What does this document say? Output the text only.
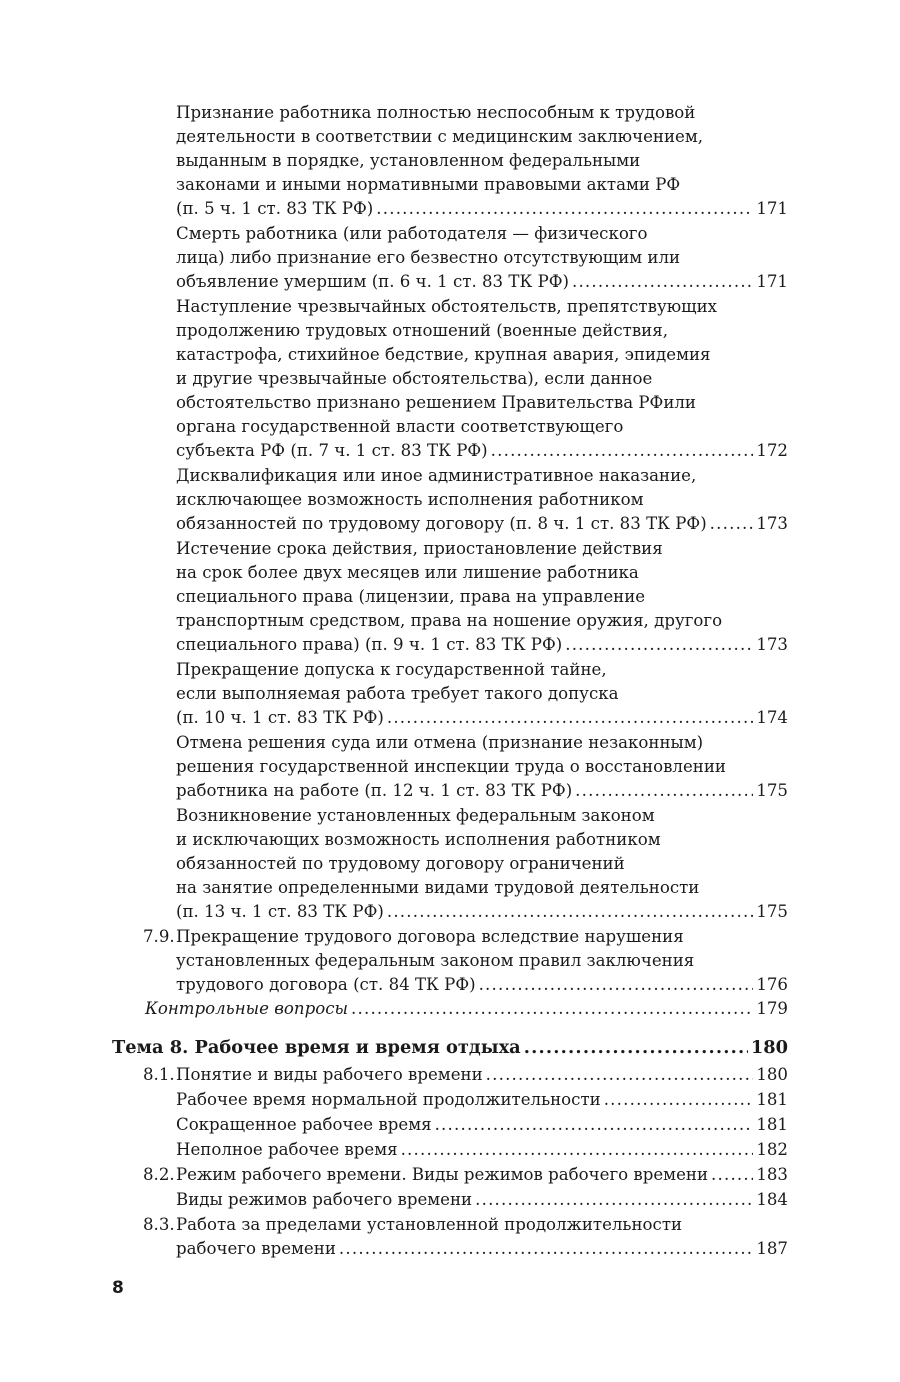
Признание работника полностью неспособным к трудовой
деятельности в соответствии с медицинским заключением,
выданным в порядке, установленном федеральными
законами и иными нормативными правовыми актами РФ
(п. 5 ч. 1 ст. 83 ТК РФ) .....	171
Смерть работника (или работодателя — физического
лица) либо признание его безвестно отсутствующим или
объявление умершим (п. 6 ч. 1 ст. 83 ТК РФ) .....	171
Наступление чрезвычайных обстоятельств, препятствующих
продолжению трудовых отношений (военные действия,
катастрофа, стихийное бедствие, крупная авария, эпидемия
и другие чрезвычайные обстоятельства), если данное
обстоятельство признано решением Правительства РФили
органа государственной власти соответствующего
субъекта РФ (п. 7 ч. 1 ст. 83 ТК РФ) .....	172
Дисквалификация или иное административное наказание,
исключающее возможность исполнения работником
обязанностей по трудовому договору (п. 8 ч. 1 ст. 83 ТК РФ) .....	173
Истечение срока действия, приостановление действия
на срок более двух месяцев или лишение работника
специального права (лицензии, права на управление
транспортным средством, права на ношение оружия, другого
специального права) (п. 9 ч. 1 ст. 83 ТК РФ) .....	173
Прекращение допуска к государственной тайне,
если выполняемая работа требует такого допуска
(п. 10 ч. 1 ст. 83 ТК РФ) .....	174
Отмена решения суда или отмена (признание незаконным)
решения государственной инспекции труда о восстановлении
работника на работе (п. 12 ч. 1 ст. 83 ТК РФ) .....	175
Возникновение установленных федеральным законом
и исключающих возможность исполнения работником
обязанностей по трудовому договору ограничений
на занятие определенными видами трудовой деятельности
(п. 13 ч. 1 ст. 83 ТК РФ) .....	175
7.9. Прекращение трудового договора вследствие нарушения
установленных федеральным законом правил заключения
трудового договора (ст. 84 ТК РФ) .....	176
Контрольные вопросы .....	179
Тема 8. Рабочее время и время отдыха .....	180
8.1. Понятие и виды рабочего времени .....	180
Рабочее время нормальной продолжительности .....	181
Сокращенное рабочее время .....	181
Неполное рабочее время .....	182
8.2. Режим рабочего времени. Виды режимов рабочего времени .....	183
Виды режимов рабочего времени .....	184
8.3. Работа за пределами установленной продолжительности
рабочего времени .....	187
8
